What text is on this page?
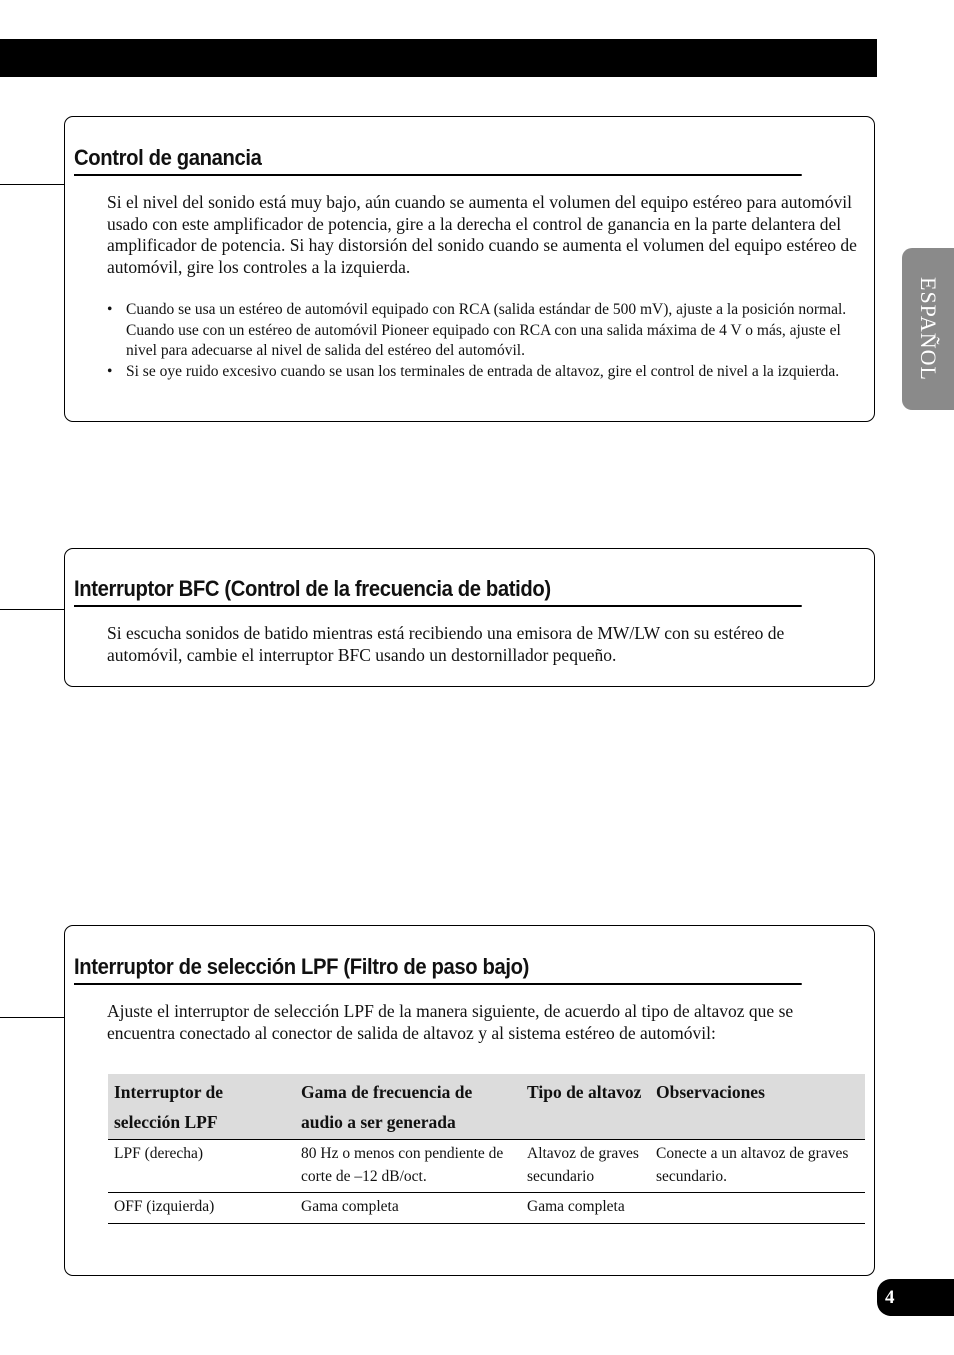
ESPAÑOL
Control de ganancia

Si el nivel del sonido está muy bajo, aún cuando se aumenta el volumen del equipo estéreo para automóvil usado con este amplificador de potencia, gire a la derecha el control de ganancia en la parte delantera del amplificador de potencia. Si hay distorsión del sonido cuando se aumenta el volumen del equipo estéreo de automóvil, gire los controles a la izquierda.

• Cuando se usa un estéreo de automóvil equipado con RCA (salida estándar de 500 mV), ajuste a la posición normal. Cuando use con un estéreo de automóvil Pioneer equipado con RCA con una salida máxima de 4 V o más, ajuste el nivel para adecuarse al nivel de salida del estéreo del automóvil.
• Si se oye ruido excesivo cuando se usan los terminales de entrada de altavoz, gire el control de nivel a la izquierda.
Interruptor BFC (Control de la frecuencia de batido)

Si escucha sonidos de batido mientras está recibiendo una emisora de MW/LW con su estéreo de automóvil, cambie el interruptor BFC usando un destornillador pequeño.

Interruptor de selección LPF (Filtro de paso bajo)

Ajuste el interruptor de selección LPF de la manera siguiente, de acuerdo al tipo de altavoz que se encuentra conectado al conector de salida de altavoz y al sistema estéreo de automóvil:

Interruptor de selección LPF	Gama de frecuencia de audio a ser generada	Tipo de altavoz	Observaciones
LPF (derecha)	80 Hz o menos con pendiente de corte de –12 dB/oct.	Altavoz de graves secundario	Conecte a un altavoz de graves secundario.
OFF (izquierda)	Gama completa	Gama completa	
4
